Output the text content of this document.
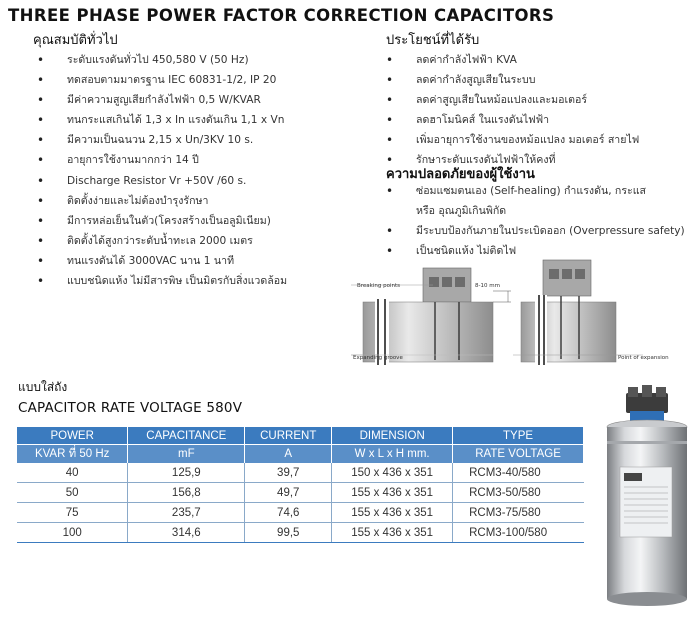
THREE PHASE POWER FACTOR CORRECTION CAPACITORS
คุณสมบัติทั่วไป
• ระดับแรงดันทั่วไป 450,580 V (50 Hz)
• ทดสอบตามมาตรฐาน IEC 60831-1/2, IP 20
• มีค่าความสูญเสียกำลังไฟฟ้า 0,5 W/KVAR
• ทนกระแสเกินได้ 1,3 x In แรงดันเกิน 1,1 x Vn
• มีความเป็นฉนวน 2,15 x Un/3KV 10 s.
• อายุการใช้งานมากกว่า 14 ปี
• Discharge Resistor Vr +50V /60 s.
• ติดตั้งง่ายและไม่ต้องบำรุงรักษา
• มีการหล่อเย็นในตัว(โครงสร้างเป็นอลูมิเนียม)
• ติดตั้งได้สูงกว่าระดับน้ำทะเล 2000 เมตร
• ทนแรงดันได้ 3000VAC นาน 1 นาที
• แบบชนิดแห้ง ไม่มีสารพิษ เป็นมิตรกับสิ่งแวดล้อม
ประโยชน์ที่ได้รับ
• ลดค่ากำลังไฟฟ้า KVA
• ลดค่ากำลังสูญเสียในระบบ
• ลดค่าสูญเสียในหม้อแปลงและมอเตอร์
• ลดฮาโมนิคส์ ในแรงดันไฟฟ้า
• เพิ่มอายุการใช้งานของหม้อแปลง มอเตอร์ สายไฟ
• รักษาระดับแรงดันไฟฟ้าให้คงที่
ความปลอดภัยของผู้ใช้งาน
• ซ่อมแซมตนเอง (Self-healing) กำแรงดัน, กระแส
หรือ อุณภูมิเกินพิกัด
• มีระบบป้องกันภายในประเบิดออก (Overpressure safety)
• เป็นชนิดแห้ง ไม่ติดไฟ
Breaking points
Expanding groove
8-10 mm
Point of expansion
แบบใส่ถัง
CAPACITOR RATE VOLTAGE 580V
POWER	CAPACITANCE	CURRENT	DIMENSION	TYPE
KVAR ที่ 50 Hz	mF	A	W x L x H mm.	RATE VOLTAGE
40	125,9	39,7	150 x 436 x 351	RCM3-40/580
50	156,8	49,7	155 x 436 x 351	RCM3-50/580
75	235,7	74,6	155 x 436 x 351	RCM3-75/580
100	314,6	99,5	155 x 436 x 351	RCM3-100/580
